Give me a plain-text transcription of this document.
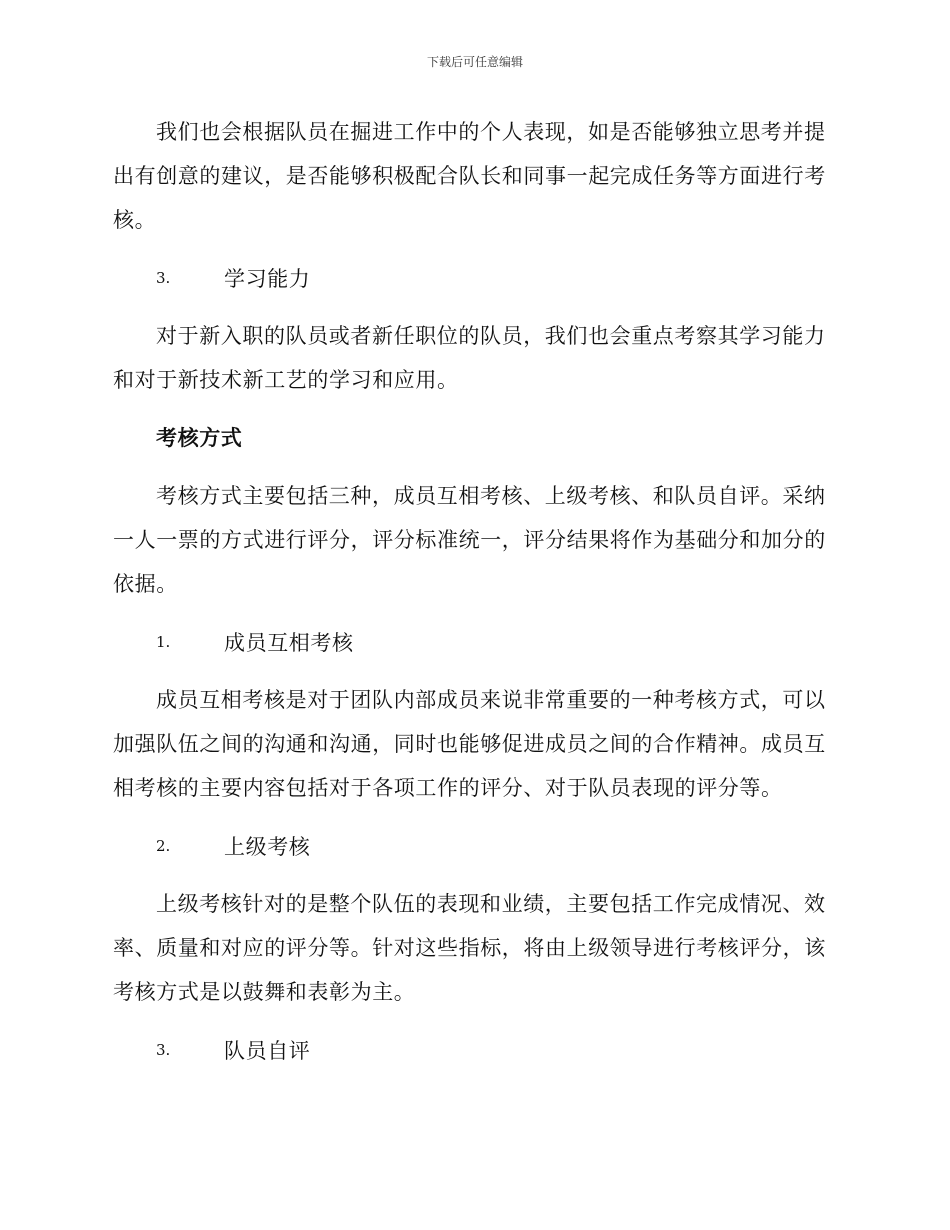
下载后可任意编辑

我们也会根据队员在掘进工作中的个人表现，如是否能够独立思考并提出有创意的建议，是否能够积极配合队长和同事一起完成任务等方面进行考核。

3.	学习能力

对于新入职的队员或者新任职位的队员，我们也会重点考察其学习能力和对于新技术新工艺的学习和应用。

考核方式

考核方式主要包括三种，成员互相考核、上级考核、和队员自评。采纳一人一票的方式进行评分，评分标准统一，评分结果将作为基础分和加分的依据。

1.	成员互相考核

成员互相考核是对于团队内部成员来说非常重要的一种考核方式，可以加强队伍之间的沟通和沟通，同时也能够促进成员之间的合作精神。成员互相考核的主要内容包括对于各项工作的评分、对于队员表现的评分等。

2.	上级考核

上级考核针对的是整个队伍的表现和业绩，主要包括工作完成情况、效率、质量和对应的评分等。针对这些指标，将由上级领导进行考核评分，该考核方式是以鼓舞和表彰为主。

3.	队员自评
